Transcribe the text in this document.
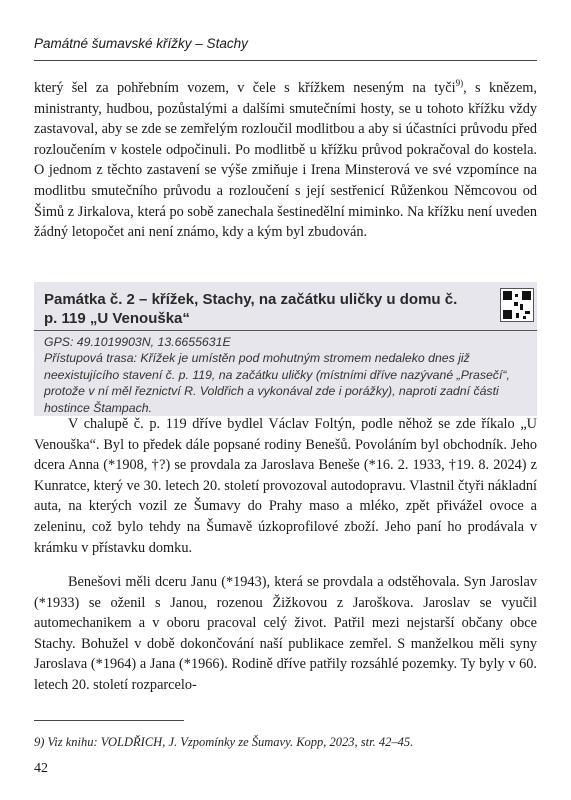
Památné šumavské křížky – Stachy
který šel za pohřebním vozem, v čele s křížkem neseným na tyči$^{9)}$, s knězem, ministranty, hudbou, pozůstalými a dalšími smutečními hosty, se u tohoto křížku vždy zastavoval, aby se zde se zemřelým rozloučil modlitbou a aby si účastníci průvodu před rozloučením v kostele odpočinuli. Po modlitbě u křížku průvod pokračoval do kostela. O jednom z těchto zastavení se výše zmiňuje i Irena Minsterová ve své vzpomínce na modlitbu smutečního průvodu a rozloučení s její sestřenicí Růženkou Němcovou od Šimů z Jirkalova, která po sobě zanechala šestinedělní miminko. Na křížku není uveden žádný letopočet ani není známo, kdy a kým byl zbudován.
Památka č. 2 – křížek, Stachy, na začátku uličky u domu č. p. 119 „U Venouška“
GPS: 49.1019903N, 13.6655631E
Přístupová trasa: Křížek je umístěn pod mohutným stromem nedaleko dnes již neexistujícího stavení č. p. 119, na začátku uličky (místními dříve nazývané „Prasečí“, protože v ní měl řeznictví R. Voldřich a vykonával zde i porážky), naproti zadní části hostince Štampach.
V chalupě č. p. 119 dříve bydlel Václav Foltýn, podle něhož se zde říkalo „U Venouška“. Byl to předek dále popsané rodiny Benešů. Povoláním byl obchodník. Jeho dcera Anna (*1908, †?) se provdala za Jaroslava Beneše (*16. 2. 1933, †19. 8. 2024) z Kunratce, který ve 30. letech 20. století provozoval autodopravu. Vlastnil čtyři nákladní auta, na kterých vozil ze Šumavy do Prahy maso a mléko, zpět přivážel ovoce a zeleninu, což bylo tehdy na Šumavě úzkoprofilové zboží. Jeho paní ho prodávala v krámku v přístavku domku.
Benešovi měli dceru Janu (*1943), která se provdala a odstěhovala. Syn Jaroslav (*1933) se oženil s Janou, rozenou Žižkovou z Jaroškova. Jaroslav se vyučil automechanikem a v oboru pracoval celý život. Patřil mezi nejstarší občany obce Stachy. Bohužel v době dokončování naší publikace zemřel. S manželkou měli syny Jaroslava (*1964) a Jana (*1966). Rodině dříve patřily rozsáhlé pozemky. Ty byly v 60. letech 20. století rozparcelo-
9) Viz knihu: VOLDŘICH, J. Vzpomínky ze Šumavy. Kopp, 2023, str. 42–45.
42
